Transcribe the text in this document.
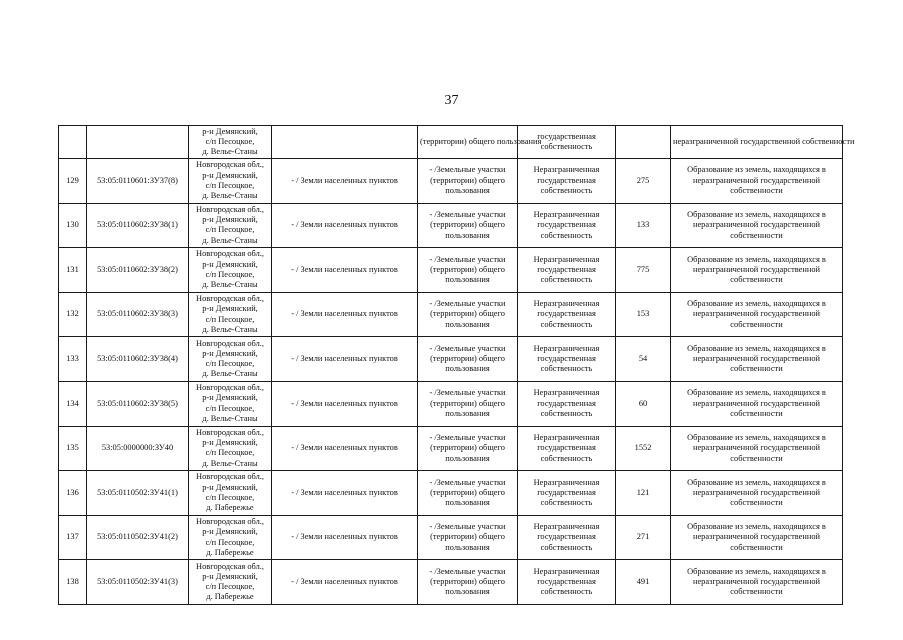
37

		р-н Демянский,
с/п Песоцкое,
д. Велье-Станы		(территории) общего пользования	государственная
собственность		неразграниченной государственной собственности

129	53:05:0110601:ЗУ37(8)	Новгородская обл.,
р-н Демянский,
с/п Песоцкое,
д. Велье-Станы	- / Земли населенных пунктов	- /Земельные участки
(территории) общего
пользования	Неразграниченная
государственная
собственность	275	Образование из земель, находящихся в
неразграниченной государственной
собственности

130	53:05:0110602:ЗУ38(1)	Новгородская обл.,
р-н Демянский,
с/п Песоцкое,
д. Велье-Станы	- / Земли населенных пунктов	- /Земельные участки
(территории) общего
пользования	Неразграниченная
государственная
собственность	133	Образование из земель, находящихся в
неразграниченной государственной
собственности

131	53:05:0110602:ЗУ38(2)	Новгородская обл.,
р-н Демянский,
с/п Песоцкое,
д. Велье-Станы	- / Земли населенных пунктов	- /Земельные участки
(территории) общего
пользования	Неразграниченная
государственная
собственность	775	Образование из земель, находящихся в
неразграниченной государственной
собственности

132	53:05:0110602:ЗУ38(3)	Новгородская обл.,
р-н Демянский,
с/п Песоцкое,
д. Велье-Станы	- / Земли населенных пунктов	- /Земельные участки
(территории) общего
пользования	Неразграниченная
государственная
собственность	153	Образование из земель, находящихся в
неразграниченной государственной
собственности

133	53:05:0110602:ЗУ38(4)	Новгородская обл.,
р-н Демянский,
с/п Песоцкое,
д. Велье-Станы	- / Земли населенных пунктов	- /Земельные участки
(территории) общего
пользования	Неразграниченная
государственная
собственность	54	Образование из земель, находящихся в
неразграниченной государственной
собственности

134	53:05:0110602:ЗУ38(5)	Новгородская обл.,
р-н Демянский,
с/п Песоцкое,
д. Велье-Станы	- / Земли населенных пунктов	- /Земельные участки
(территории) общего
пользования	Неразграниченная
государственная
собственность	60	Образование из земель, находящихся в
неразграниченной государственной
собственности

135	53:05:0000000:ЗУ40	Новгородская обл.,
р-н Демянский,
с/п Песоцкое,
д. Велье-Станы	- / Земли населенных пунктов	- /Земельные участки
(территории) общего
пользования	Неразграниченная
государственная
собственность	1552	Образование из земель, находящихся в
неразграниченной государственной
собственности

136	53:05:0110502:ЗУ41(1)	Новгородская обл.,
р-н Демянский,
с/п Песоцкое,
д. Паберeжье	- / Земли населенных пунктов	- /Земельные участки
(территории) общего
пользования	Неразграниченная
государственная
собственность	121	Образование из земель, находящихся в
неразграниченной государственной
собственности

137	53:05:0110502:ЗУ41(2)	Новгородская обл.,
р-н Демянский,
с/п Песоцкое,
д. Паберeжье	- / Земли населенных пунктов	- /Земельные участки
(территории) общего
пользования	Неразграниченная
государственная
собственность	271	Образование из земель, находящихся в
неразграниченной государственной
собственности

138	53:05:0110502:ЗУ41(3)	Новгородская обл.,
р-н Демянский,
с/п Песоцкое,
д. Паберeжье	- / Земли населенных пунктов	- /Земельные участки
(территории) общего
пользования	Неразграниченная
государственная
собственность	491	Образование из земель, находящихся в
неразграниченной государственной
собственности
